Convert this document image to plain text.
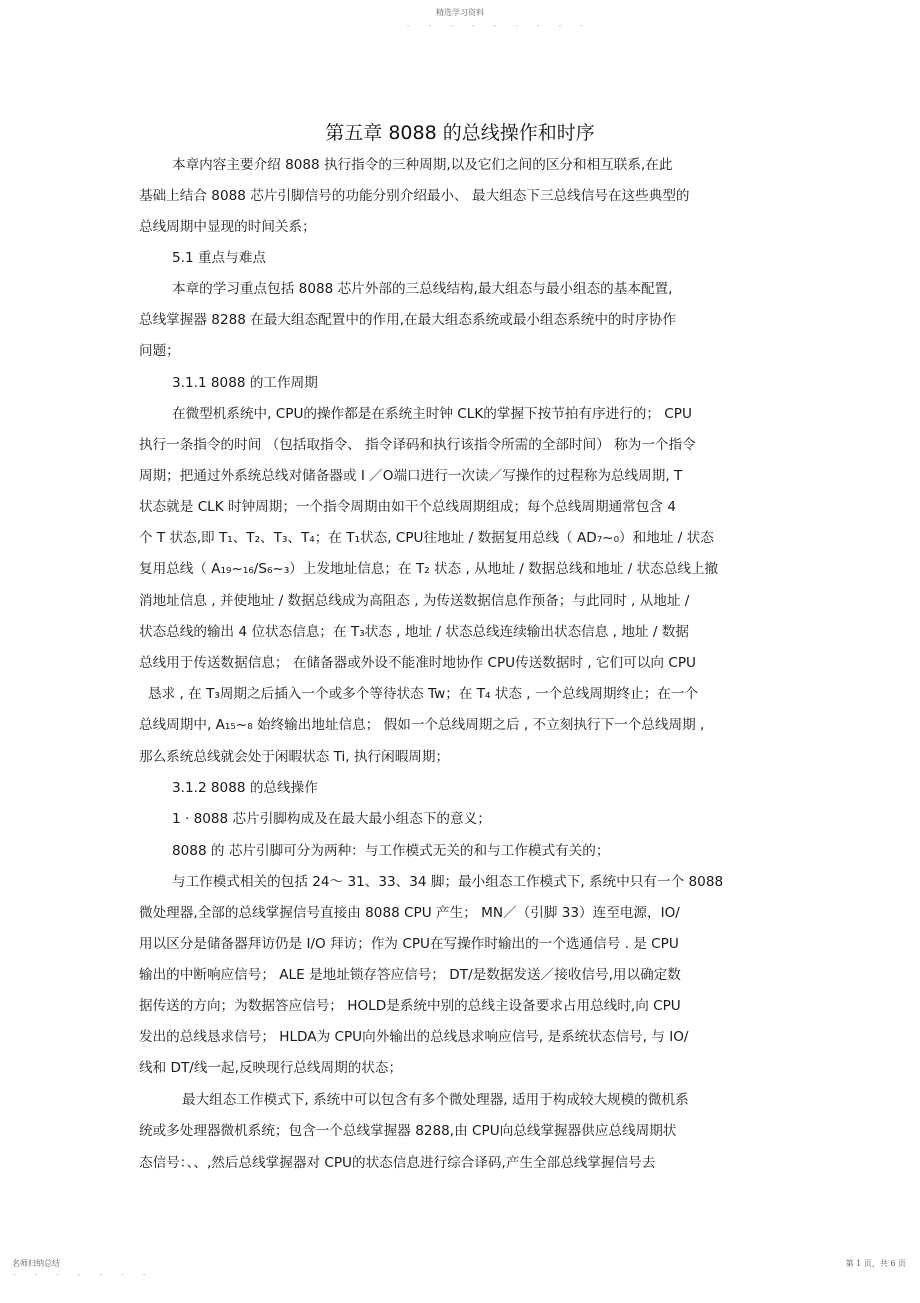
精选学习资料
- - - - - - - - -
第五章 8088 的总线操作和时序
本章内容主要介绍 8088 执行指令的三种周期,以及它们之间的区分和相互联系,在此
基础上结合 8088 芯片引脚信号的功能分别介绍最小、 最大组态下三总线信号在这些典型的
总线周期中显现的时间关系；
5.1 重点与难点
本章的学习重点包括 8088 芯片外部的三总线结构,最大组态与最小组态的基本配置,
总线掌握器 8288 在最大组态配置中的作用,在最大组态系统或最小组态系统中的时序协作
问题；
3.1.1 8088 的工作周期
在微型机系统中, CPU的操作都是在系统主时钟 CLK的掌握下按节拍有序进行的； CPU
执行一条指令的时间 （包括取指令、 指令译码和执行该指令所需的全部时间） 称为一个指令
周期；把通过外系统总线对储备器或 I ／O端口进行一次读／写操作的过程称为总线周期, T
状态就是 CLK 时钟周期；一个指令周期由如干个总线周期组成；每个总线周期通常包含 4
个 T 状态,即 T₁、T₂、T₃、T₄；在 T₁状态, CPU往地址 / 数据复用总线（ AD₇~₀）和地址 / 状态
复用总线（ A₁₉~₁₆/S₆~₃）上发地址信息；在 T₂ 状态 , 从地址 / 数据总线和地址 / 状态总线上撤
消地址信息 , 并使地址 / 数据总线成为高阻态 , 为传送数据信息作预备；与此同时 , 从地址 /
状态总线的输出 4 位状态信息；在 T₃状态 , 地址 / 状态总线连续输出状态信息 , 地址 / 数据
总线用于传送数据信息； 在储备器或外设不能准时地协作 CPU传送数据时 , 它们可以向 CPU
恳求 , 在 T₃周期之后插入一个或多个等待状态 Tw；在 T₄ 状态 , 一个总线周期终止；在一个
总线周期中, A₁₅~₈ 始终输出地址信息； 假如一个总线周期之后 , 不立刻执行下一个总线周期 ,
那么系统总线就会处于闲暇状态 Ti, 执行闲暇周期；
3.1.2 8088 的总线操作
1 · 8088 芯片引脚构成及在最大最小组态下的意义；
8088 的 芯片引脚可分为两种：与工作模式无关的和与工作模式有关的；
与工作模式相关的包括 24～ 31、33、34 脚；最小组态工作模式下, 系统中只有一个 8088
微处理器,全部的总线掌握信号直接由 8088 CPU 产生； MN／（引脚 33）连至电源，IO/
用以区分是储备器拜访仍是 I/O 拜访；作为 CPU在写操作时输出的一个选通信号 . 是 CPU
输出的中断响应信号； ALE 是地址锁存答应信号； DT/是数据发送／接收信号,用以确定数
据传送的方向；为数据答应信号； HOLD是系统中别的总线主设备要求占用总线时,向 CPU
发出的总线恳求信号； HLDA为 CPU向外输出的总线恳求响应信号, 是系统状态信号, 与 IO/
线和 DT/线一起,反映现行总线周期的状态；
最大组态工作模式下, 系统中可以包含有多个微处理器, 适用于构成较大规模的微机系
统或多处理器微机系统；包含一个总线掌握器 8288,由 CPU向总线掌握器供应总线周期状
态信号：、、,然后总线掌握器对 CPU的状态信息进行综合译码,产生全部总线掌握信号去
名师归纳总结
- - - - - - -
第 1 页，共 6 页
